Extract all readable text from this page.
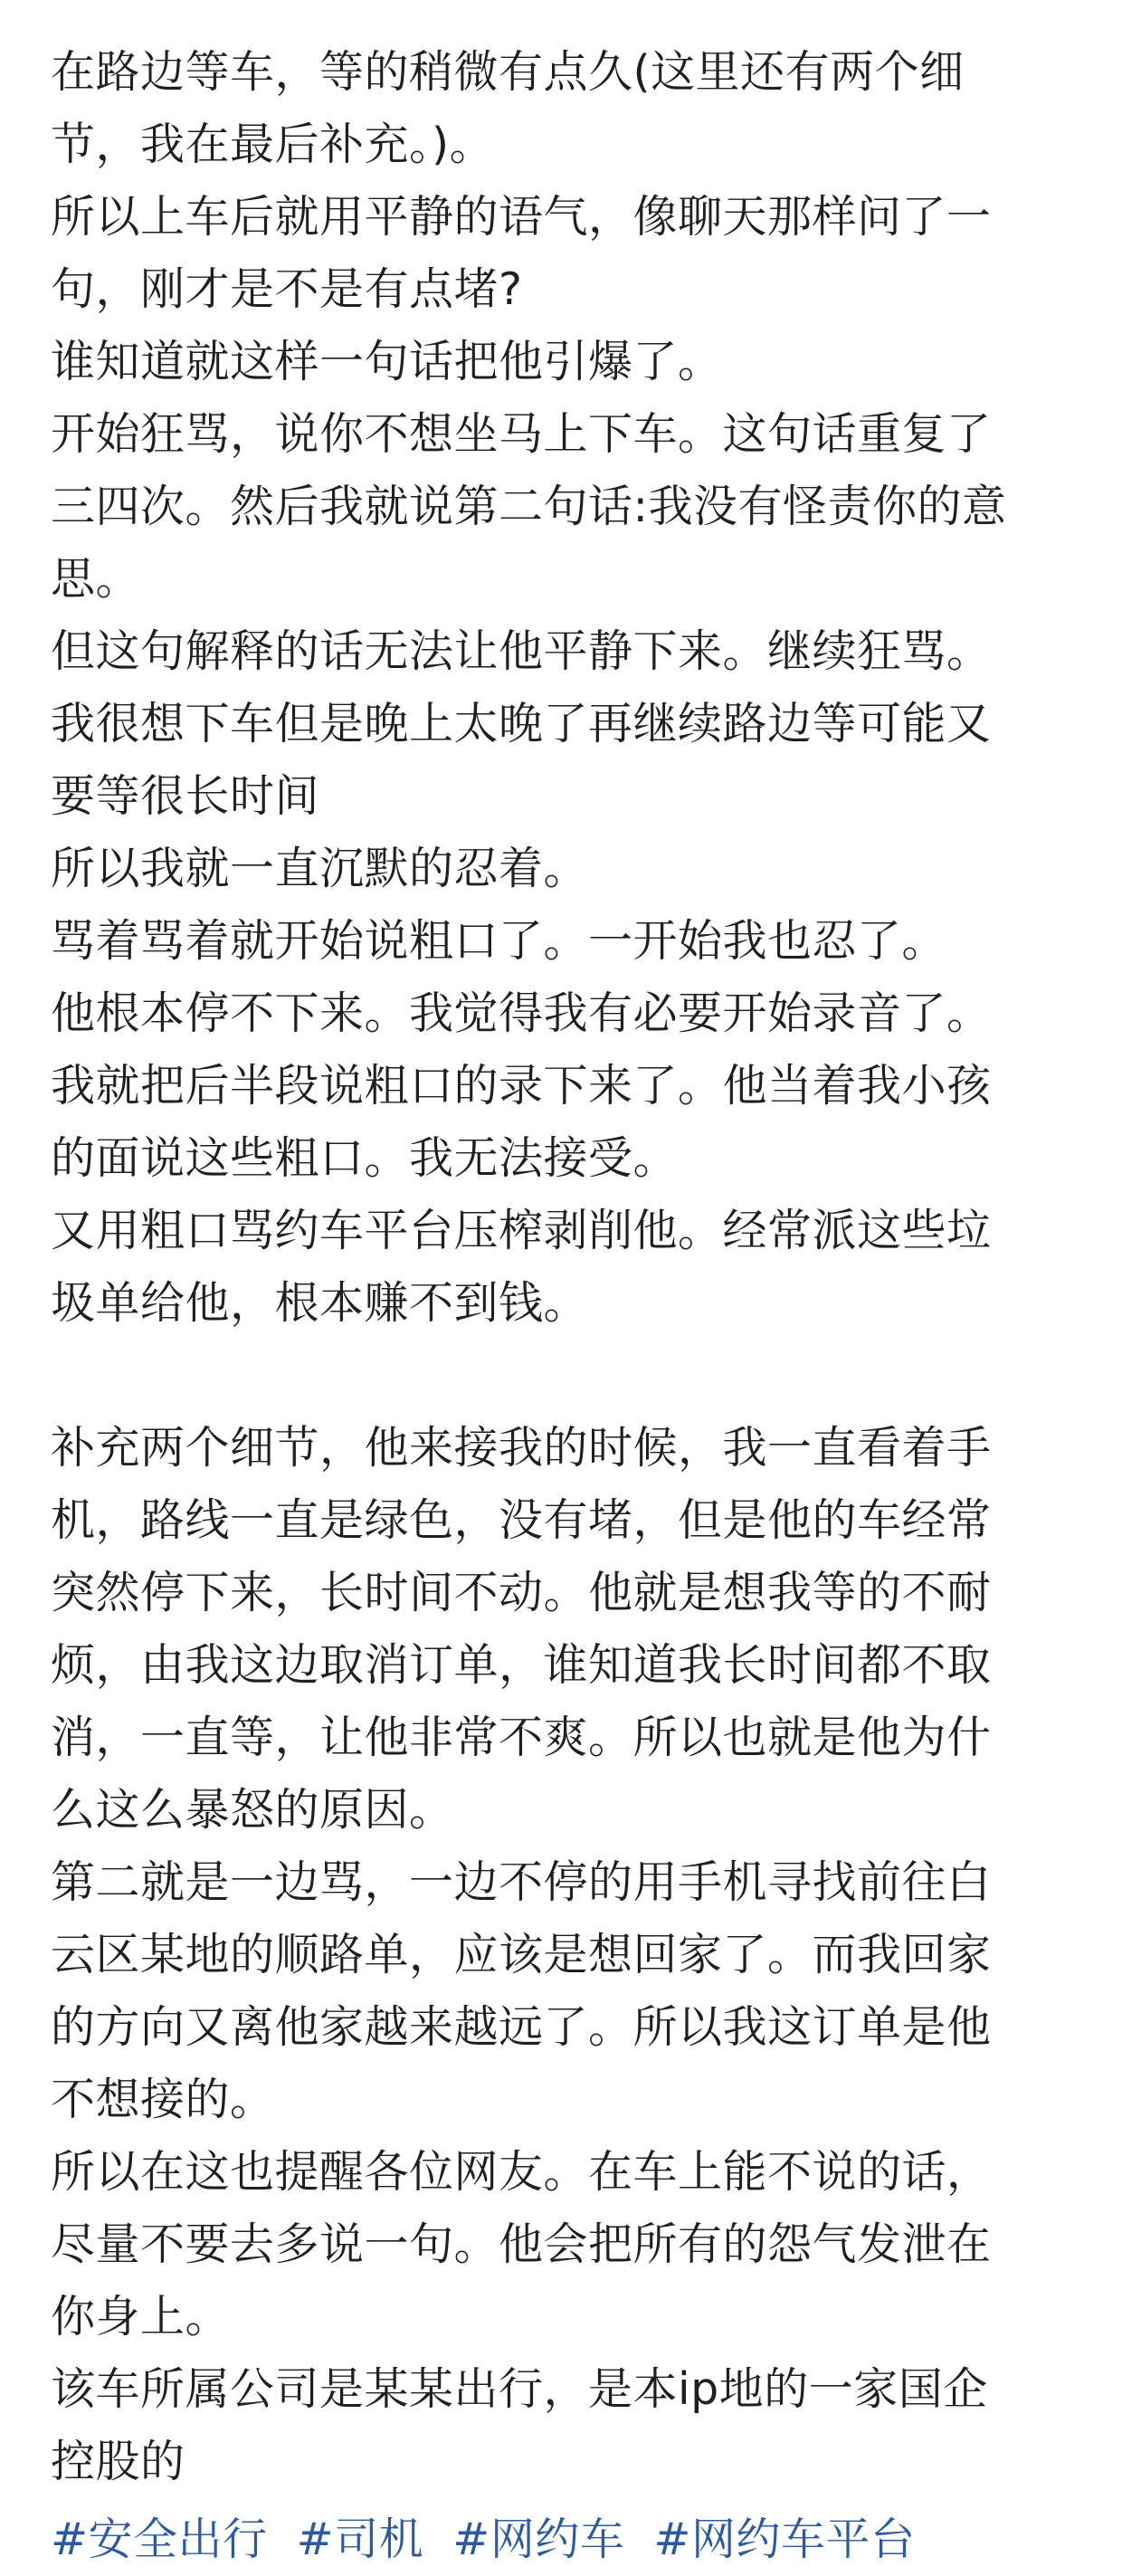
在路边等车，等的稍微有点久(这里还有两个细
节，我在最后补充。)。
所以上车后就用平静的语气，像聊天那样问了一
句，刚才是不是有点堵?
谁知道就这样一句话把他引爆了。
开始狂骂，说你不想坐马上下车。这句话重复了
三四次。然后我就说第二句话:我没有怪责你的意
思。
但这句解释的话无法让他平静下来。继续狂骂。
我很想下车但是晚上太晚了再继续路边等可能又
要等很长时间
所以我就一直沉默的忍着。
骂着骂着就开始说粗口了。一开始我也忍了。
他根本停不下来。我觉得我有必要开始录音了。
我就把后半段说粗口的录下来了。他当着我小孩
的面说这些粗口。我无法接受。
又用粗口骂约车平台压榨剥削他。经常派这些垃
圾单给他，根本赚不到钱。
补充两个细节，他来接我的时候，我一直看着手
机，路线一直是绿色，没有堵，但是他的车经常
突然停下来，长时间不动。他就是想我等的不耐
烦，由我这边取消订单，谁知道我长时间都不取
消，一直等，让他非常不爽。所以也就是他为什
么这么暴怒的原因。
第二就是一边骂，一边不停的用手机寻找前往白
云区某地的顺路单，应该是想回家了。而我回家
的方向又离他家越来越远了。所以我这订单是他
不想接的。
所以在这也提醒各位网友。在车上能不说的话，
尽量不要去多说一句。他会把所有的怨气发泄在
你身上。
该车所属公司是某某出行，是本ip地的一家国企
控股的
#安全出行 #司机 #网约车 #网约车平台
